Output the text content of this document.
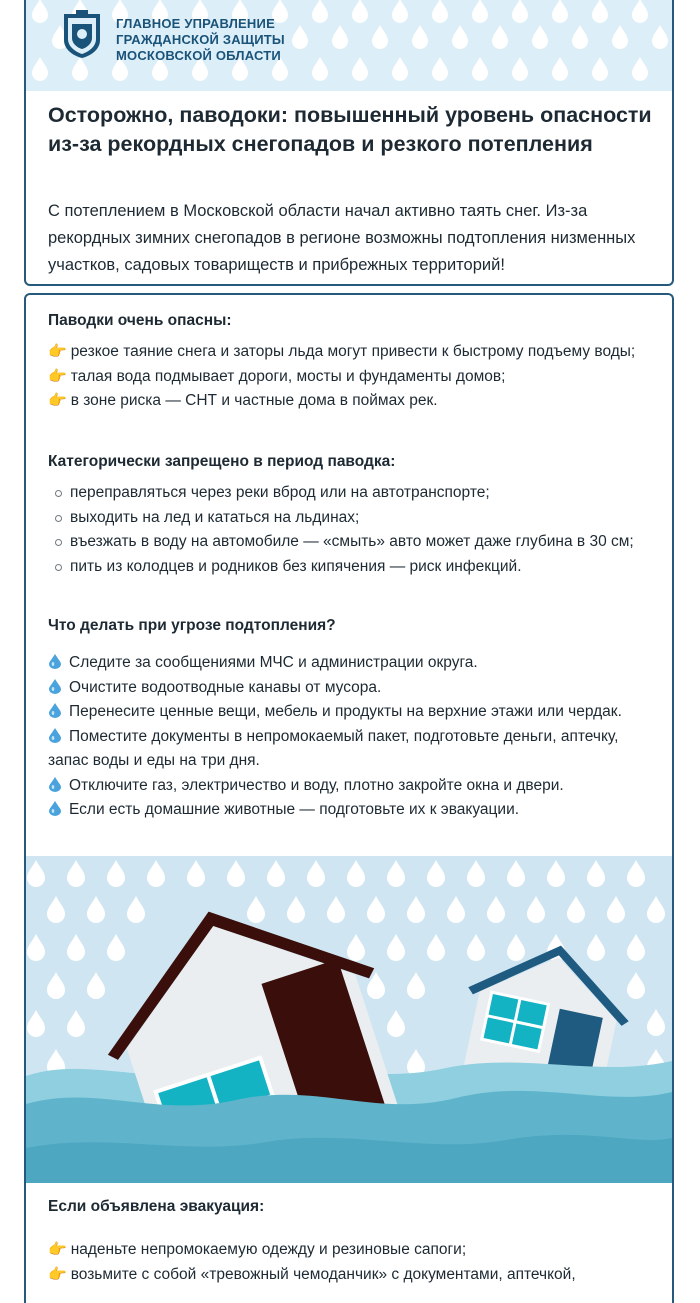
ГЛАВНОЕ УПРАВЛЕНИЕ
ГРАЖДАНСКОЙ ЗАЩИТЫ
МОСКОВСКОЙ ОБЛАСТИ
Осторожно, паводоки: повышенный уровень опасности из-за рекордных снегопадов и резкого потепления

С потеплением в Московской области начал активно таять снег. Из-за рекордных зимних снегопадов в регионе возможны подтопления низменных участков, садовых товариществ и прибрежных территорий!

Паводки очень опасны:
👉 резкое таяние снега и заторы льда могут привести к быстрому подъему воды;
👉 талая вода подмывает дороги, мосты и фундаменты домов;
👉 в зоне риска — СНТ и частные дома в поймах рек.
Категорически запрещено в период паводка:
переправляться через реки вброд или на автотранспорте;
выходить на лед и кататься на льдинах;
въезжать в воду на автомобиле — «смыть» авто может даже глубина в 30 см;
пить из колодцев и родников без кипячения — риск инфекций.
Что делать при угрозе подтопления?
Следите за сообщениями МЧС и администрации округа.
Очистите водоотводные канавы от мусора.
Перенесите ценные вещи, мебель и продукты на верхние этажи или чердак.
Поместите документы в непромокаемый пакет, подготовьте деньги, аптечку, запас воды и еды на три дня.
Отключите газ, электричество и воду, плотно закройте окна и двери.
Если есть домашние животные — подготовьте их к эвакуации.
Если объявлена эвакуация:
👉 наденьте непромокаемую одежду и резиновые сапоги;
👉 возьмите с собой «тревожный чемоданчик» с документами, аптечкой,
